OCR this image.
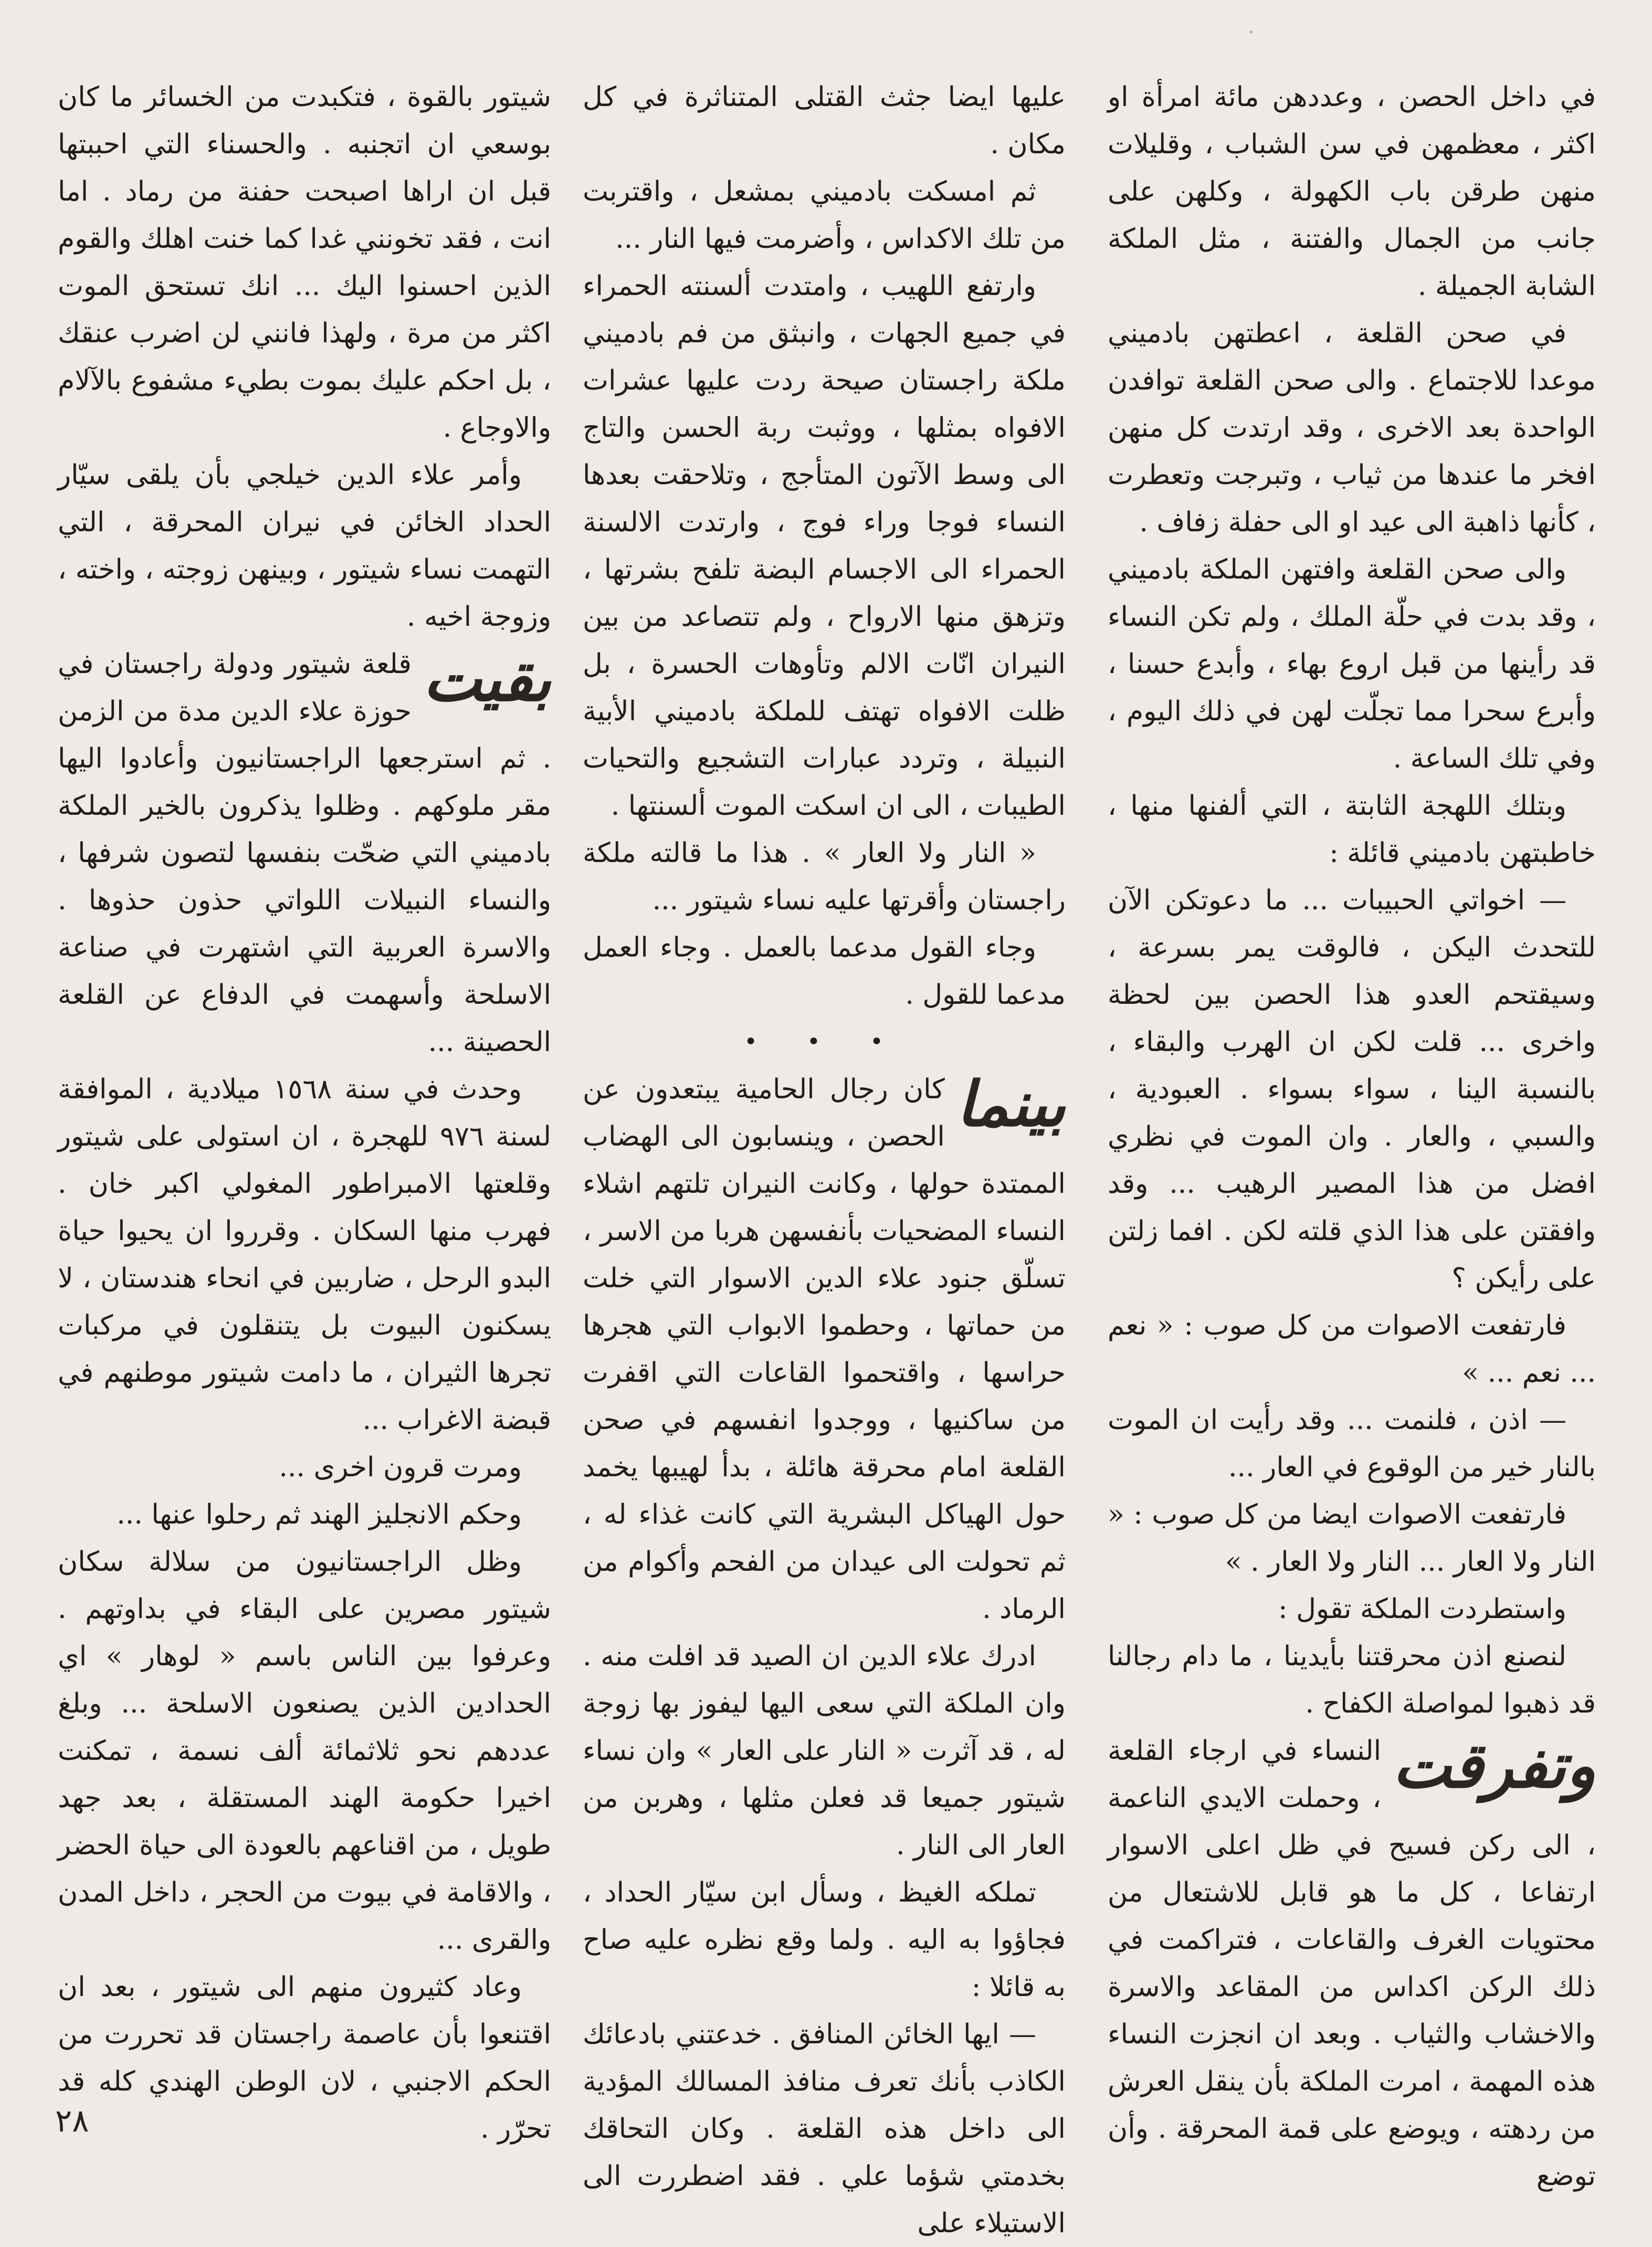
في داخل الحصن ، وعددهن مائة امرأة او اكثر ، معظمهن في سن الشباب ، وقليلات منهن طرقن باب الكهولة ، وكلهن على جانب من الجمال والفتنة ، مثل الملكة الشابة الجميلة .

في صحن القلعة ، اعطتهن بادميني موعدا للاجتماع . والى صحن القلعة توافدن الواحدة بعد الاخرى ، وقد ارتدت كل منهن افخر ما عندها من ثياب ، وتبرجت وتعطرت ، كأنها ذاهبة الى عيد او الى حفلة زفاف .

والى صحن القلعة وافتهن الملكة بادميني ، وقد بدت في حلّة الملك ، ولم تكن النساء قد رأينها من قبل اروع بهاء ، وأبدع حسنا ، وأبرع سحرا مما تجلّت لهن في ذلك اليوم ، وفي تلك الساعة .

وبتلك اللهجة الثابتة ، التي ألفنها منها ، خاطبتهن بادميني قائلة :

— اخواتي الحبيبات ... ما دعوتكن الآن للتحدث اليكن ، فالوقت يمر بسرعة ، وسيقتحم العدو هذا الحصن بين لحظة واخرى ... قلت لكن ان الهرب والبقاء ، بالنسبة الينا ، سواء بسواء . العبودية ، والسبي ، والعار . وان الموت في نظري افضل من هذا المصير الرهيب ... وقد وافقتن على هذا الذي قلته لكن . افما زلتن على رأيكن ؟

فارتفعت الاصوات من كل صوب : « نعم ... نعم ... »

— اذن ، فلنمت ... وقد رأيت ان الموت بالنار خير من الوقوع في العار ...

فارتفعت الاصوات ايضا من كل صوب : « النار ولا العار ... النار ولا العار . »

واستطردت الملكة تقول :

لنصنع اذن محرقتنا بأيدينا ، ما دام رجالنا قد ذهبوا لمواصلة الكفاح .

وتفرقت

النساء في ارجاء القلعة ، وحملت الايدي الناعمة ، الى ركن فسيح في ظل اعلى الاسوار ارتفاعا ، كل ما هو قابل للاشتعال من محتويات الغرف والقاعات ، فتراكمت في ذلك الركن اكداس من المقاعد والاسرة والاخشاب والثياب . وبعد ان انجزت النساء هذه المهمة ، امرت الملكة بأن ينقل العرش من ردهته ، ويوضع على قمة المحرقة . وأن توضع

عليها ايضا جثث القتلى المتناثرة في كل مكان .

ثم امسكت بادميني بمشعل ، واقتربت من تلك الاكداس ، وأضرمت فيها النار ...

وارتفع اللهيب ، وامتدت ألسنته الحمراء في جميع الجهات ، وانبثق من فم بادميني ملكة راجستان صيحة ردت عليها عشرات الافواه بمثلها ، ووثبت ربة الحسن والتاج الى وسط الآتون المتأجج ، وتلاحقت بعدها النساء فوجا وراء فوج ، وارتدت الالسنة الحمراء الى الاجسام البضة تلفح بشرتها ، وتزهق منها الارواح ، ولم تتصاعد من بين النيران انّات الالم وتأوهات الحسرة ، بل ظلت الافواه تهتف للملكة بادميني الأبية النبيلة ، وتردد عبارات التشجيع والتحيات الطيبات ، الى ان اسكت الموت ألسنتها .

« النار ولا العار » . هذا ما قالته ملكة راجستان وأقرتها عليه نساء شيتور ...

وجاء القول مدعما بالعمل . وجاء العمل مدعما للقول .

• • •
بينما

كان رجال الحامية يبتعدون عن الحصن ، وينسابون الى الهضاب الممتدة حولها ، وكانت النيران تلتهم اشلاء النساء المضحيات بأنفسهن هربا من الاسر ، تسلّق جنود علاء الدين الاسوار التي خلت من حماتها ، وحطموا الابواب التي هجرها حراسها ، واقتحموا القاعات التي اقفرت من ساكنيها ، ووجدوا انفسهم في صحن القلعة امام محرقة هائلة ، بدأ لهيبها يخمد حول الهياكل البشرية التي كانت غذاء له ، ثم تحولت الى عيدان من الفحم وأكوام من الرماد .

ادرك علاء الدين ان الصيد قد افلت منه . وان الملكة التي سعى اليها ليفوز بها زوجة له ، قد آثرت « النار على العار » وان نساء شيتور جميعا قد فعلن مثلها ، وهربن من العار الى النار .

تملكه الغيظ ، وسأل ابن سيّار الحداد ، فجاؤوا به اليه . ولما وقع نظره عليه صاح به قائلا :

— ايها الخائن المنافق . خدعتني بادعائك الكاذب بأنك تعرف منافذ المسالك المؤدية الى داخل هذه القلعة . وكان التحاقك بخدمتي شؤما علي . فقد اضطررت الى الاستيلاء على

شيتور بالقوة ، فتكبدت من الخسائر ما كان بوسعي ان اتجنبه . والحسناء التي احببتها قبل ان اراها اصبحت حفنة من رماد . اما انت ، فقد تخونني غدا كما خنت اهلك والقوم الذين احسنوا اليك ... انك تستحق الموت اكثر من مرة ، ولهذا فانني لن اضرب عنقك ، بل احكم عليك بموت بطيء مشفوع بالآلام والاوجاع .

وأمر علاء الدين خيلجي بأن يلقى سيّار الحداد الخائن في نيران المحرقة ، التي التهمت نساء شيتور ، وبينهن زوجته ، واخته ، وزوجة اخيه .

بقيت

قلعة شيتور ودولة راجستان في حوزة علاء الدين مدة من الزمن . ثم استرجعها الراجستانيون وأعادوا اليها مقر ملوكهم . وظلوا يذكرون بالخير الملكة بادميني التي ضحّت بنفسها لتصون شرفها ، والنساء النبيلات اللواتي حذون حذوها . والاسرة العربية التي اشتهرت في صناعة الاسلحة وأسهمت في الدفاع عن القلعة الحصينة ...

وحدث في سنة ١٥٦٨ ميلادية ، الموافقة لسنة ٩٧٦ للهجرة ، ان استولى على شيتور وقلعتها الامبراطور المغولي اكبر خان . فهرب منها السكان . وقرروا ان يحيوا حياة البدو الرحل ، ضاربين في انحاء هندستان ، لا يسكنون البيوت بل يتنقلون في مركبات تجرها الثيران ، ما دامت شيتور موطنهم في قبضة الاغراب ...

ومرت قرون اخرى ...

وحكم الانجليز الهند ثم رحلوا عنها ...

وظل الراجستانيون من سلالة سكان شيتور مصرين على البقاء في بداوتهم . وعرفوا بين الناس باسم « لوهار » اي الحدادين الذين يصنعون الاسلحة ... وبلغ عددهم نحو ثلاثمائة ألف نسمة ، تمكنت اخيرا حكومة الهند المستقلة ، بعد جهد طويل ، من اقناعهم بالعودة الى حياة الحضر ، والاقامة في بيوت من الحجر ، داخل المدن والقرى ...

وعاد كثيرون منهم الى شيتور ، بعد ان اقتنعوا بأن عاصمة راجستان قد تحررت من الحكم الاجنبي ، لان الوطن الهندي كله قد تحرّر .

٢٨
